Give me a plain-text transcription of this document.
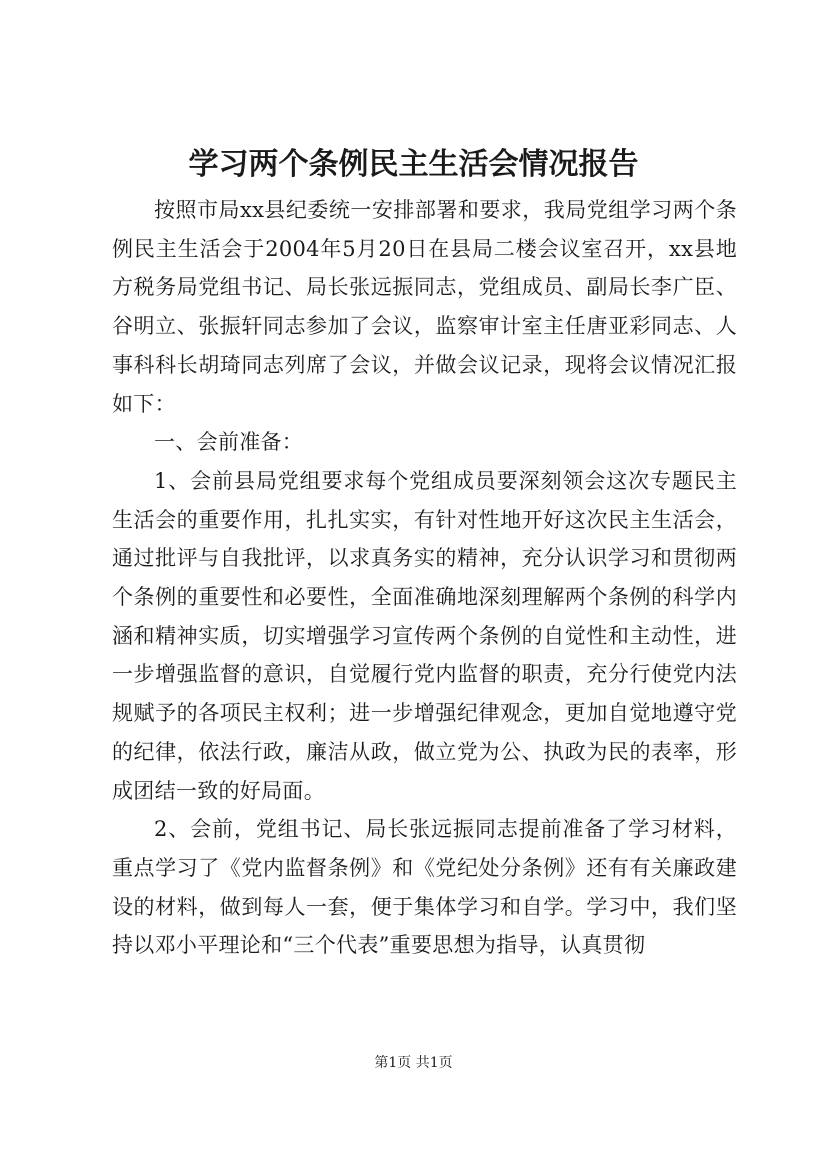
学习两个条例民主生活会情况报告

按照市局xx县纪委统一安排部署和要求，我局党组学习两个条例民主生活会于2004年5月20日在县局二楼会议室召开，xx县地方税务局党组书记、局长张远振同志，党组成员、副局长李广臣、谷明立、张振轩同志参加了会议，监察审计室主任唐亚彩同志、人事科科长胡琦同志列席了会议，并做会议记录，现将会议情况汇报如下：

一、会前准备：

1、会前县局党组要求每个党组成员要深刻领会这次专题民主生活会的重要作用，扎扎实实，有针对性地开好这次民主生活会，通过批评与自我批评，以求真务实的精神，充分认识学习和贯彻两个条例的重要性和必要性，全面准确地深刻理解两个条例的科学内涵和精神实质，切实增强学习宣传两个条例的自觉性和主动性，进一步增强监督的意识，自觉履行党内监督的职责，充分行使党内法规赋予的各项民主权利；进一步增强纪律观念，更加自觉地遵守党的纪律，依法行政，廉洁从政，做立党为公、执政为民的表率，形成团结一致的好局面。

2、会前，党组书记、局长张远振同志提前准备了学习材料，重点学习了《党内监督条例》和《党纪处分条例》还有有关廉政建设的材料，做到每人一套，便于集体学习和自学。学习中，我们坚持以邓小平理论和“三个代表”重要思想为指导，认真贯彻

第1页 共1页
